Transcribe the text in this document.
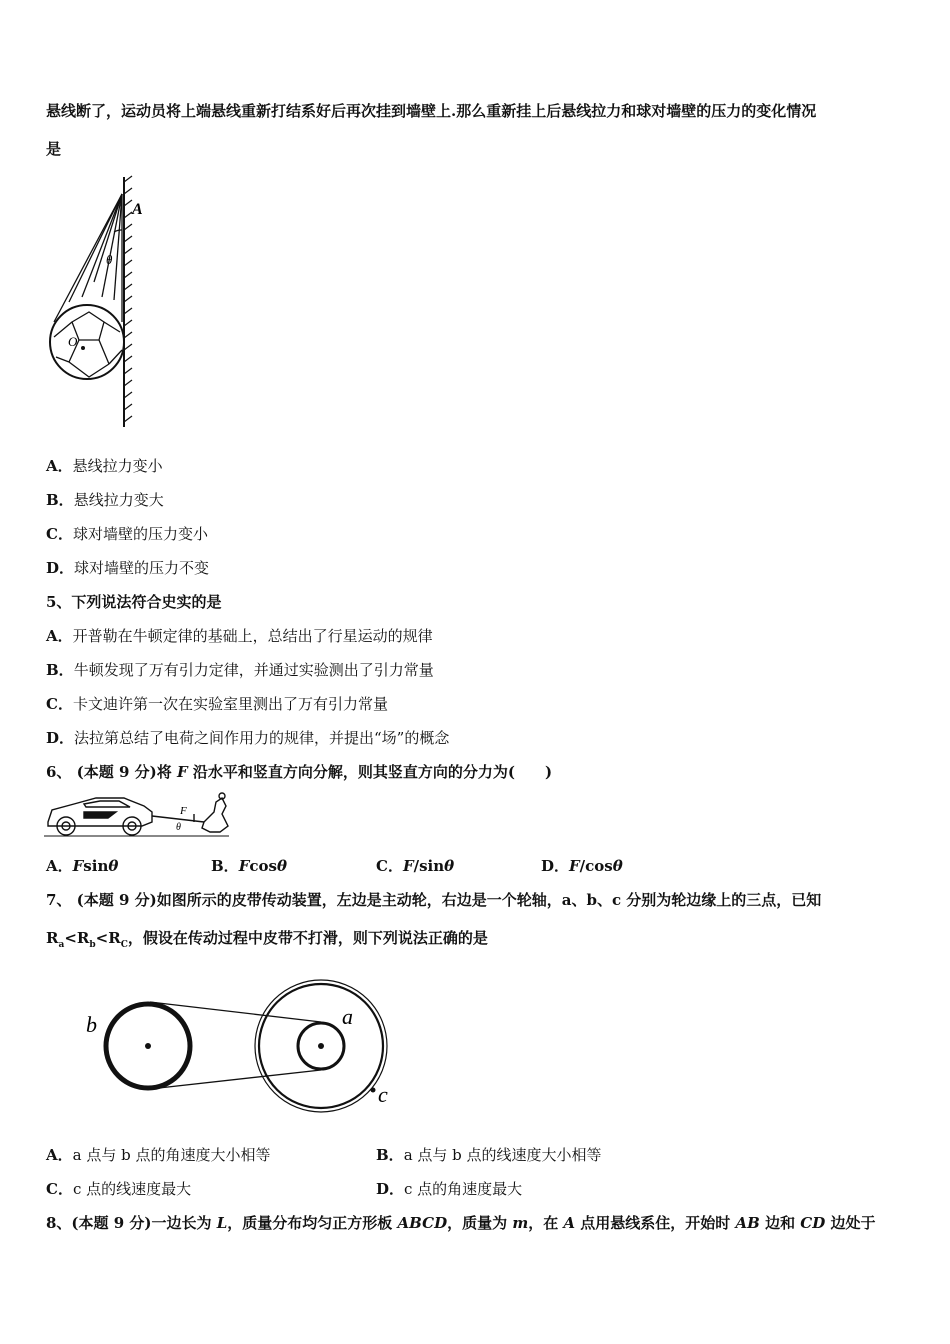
悬线断了，运动员将上端悬线重新打结系好后再次挂到墙壁上.那么重新挂上后悬线拉力和球对墙壁的压力的变化情况
是
A
θ
O
A．悬线拉力变小
B．悬线拉力变大
C．球对墙壁的压力变小
D．球对墙壁的压力不变
5、下列说法符合史实的是
A．开普勒在牛顿定律的基础上，总结出了行星运动的规律
B．牛顿发现了万有引力定律，并通过实验测出了引力常量
C．卡文迪许第一次在实验室里测出了万有引力常量
D．法拉第总结了电荷之间作用力的规律，并提出“场”的概念
6、 (本题 9 分)将 F 沿水平和竖直方向分解，则其竖直方向的分力为(　　)
F
θ
A．Fsinθ	B．Fcosθ	C．F/sinθ	D．F/cosθ
7、 (本题 9 分)如图所示的皮带传动装置，左边是主动轮，右边是一个轮轴，a、b、c 分别为轮边缘上的三点，已知
$R_a<R_b<R_C$，假设在传动过程中皮带不打滑，则下列说法正确的是
b	a
c
A．a 点与 b 点的角速度大小相等	B．a 点与 b 点的线速度大小相等
C．c 点的线速度最大	D．c 点的角速度最大
8、(本题 9 分)一边长为 L，质量分布均匀正方形板 ABCD，质量为 m，在 A 点用悬线系住，开始时 AB 边和 CD 边处于
